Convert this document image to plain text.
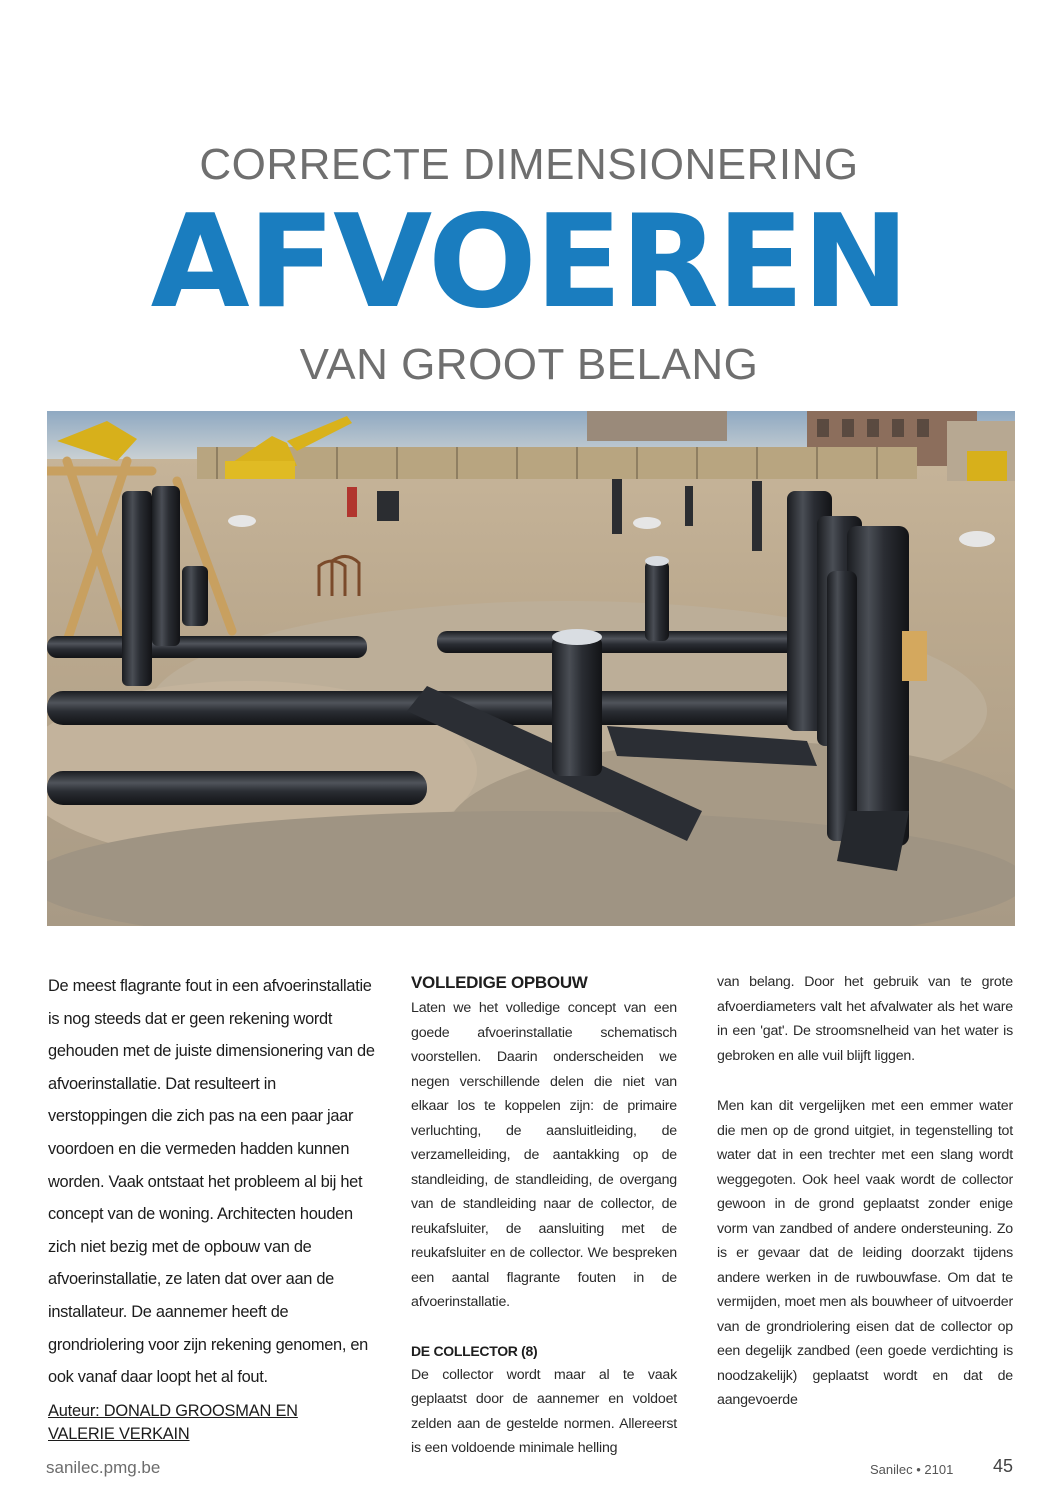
CORRECTE DIMENSIONERING
AFVOEREN
VAN GROOT BELANG

De meest flagrante fout in een afvoerinstallatie is nog steeds dat er geen rekening wordt gehouden met de juiste dimensionering van de afvoerinstallatie. Dat resulteert in verstoppingen die zich pas na een paar jaar voordoen en die vermeden hadden kunnen worden. Vaak ontstaat het probleem al bij het concept van de woning. Architecten houden zich niet bezig met de opbouw van de afvoerinstallatie, ze laten dat over aan de installateur. De aannemer heeft de grondriolering voor zijn rekening genomen, en ook vanaf daar loopt het al fout.

Auteur: DONALD GROOSMAN EN
VALERIE VERKAIN
VOLLEDIGE OPBOUW

Laten we het volledige concept van een goede afvoerinstallatie schematisch voorstellen. Daarin onderscheiden we negen verschillende delen die niet van elkaar los te koppelen zijn: de primaire verluchting, de aansluitleiding, de verzamelleiding, de aantakking op de standleiding, de standleiding, de overgang van de standleiding naar de collector, de reukafsluiter, de aansluiting met de reukafsluiter en de collector. We bespreken een aantal flagrante fouten in de afvoerinstallatie.

DE COLLECTOR (8)

De collector wordt maar al te vaak geplaatst door de aannemer en voldoet zelden aan de gestelde normen. Allereerst is een voldoende minimale helling

van belang. Door het gebruik van te grote afvoerdiameters valt het afvalwater als het ware in een 'gat'. De stroomsnelheid van het water is gebroken en alle vuil blijft liggen.

Men kan dit vergelijken met een emmer water die men op de grond uitgiet, in tegenstelling tot water dat in een trechter met een slang wordt weggegoten. Ook heel vaak wordt de collector gewoon in de grond geplaatst zonder enige vorm van zandbed of andere ondersteuning. Zo is er gevaar dat de leiding doorzakt tijdens andere werken in de ruwbouwfase. Om dat te vermijden, moet men als bouwheer of uitvoerder van de grondriolering eisen dat de collector op een degelijk zandbed (een goede verdichting is noodzakelijk) geplaatst wordt en dat de aangevoerde

sanilec.pmg.be	Sanilec • 2101 45
